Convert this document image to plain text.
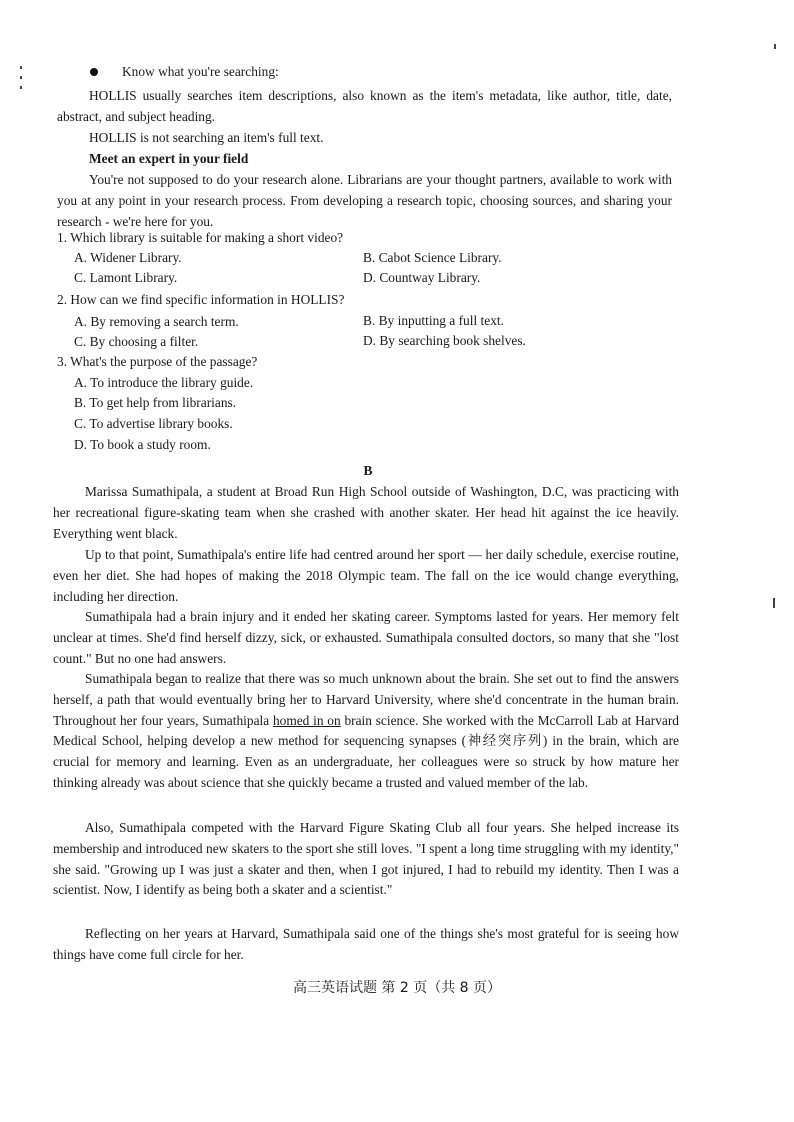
Know what you're searching:

HOLLIS usually searches item descriptions, also known as the item's metadata, like author, title, date, abstract, and subject heading.

HOLLIS is not searching an item's full text.

Meet an expert in your field

You're not supposed to do your research alone. Librarians are your thought partners, available to work with you at any point in your research process. From developing a research topic, choosing sources, and sharing your research - we're here for you.

1. Which library is suitable for making a short video?

A. Widener Library.	B. Cabot Science Library.
C. Lamont Library.	D. Countway Library.

2. How can we find specific information in HOLLIS?

A. By removing a search term.	B. By inputting a full text.
C. By choosing a filter.	D. By searching book shelves.

3. What's the purpose of the passage?

A. To introduce the library guide.
B. To get help from librarians.
C. To advertise library books.
D. To book a study room.

B

Marissa Sumathipala, a student at Broad Run High School outside of Washington, D.C, was practicing with her recreational figure-skating team when she crashed with another skater. Her head hit against the ice heavily. Everything went black.

Up to that point, Sumathipala's entire life had centred around her sport — her daily schedule, exercise routine, even her diet. She had hopes of making the 2018 Olympic team. The fall on the ice would change everything, including her direction.

Sumathipala had a brain injury and it ended her skating career. Symptoms lasted for years. Her memory felt unclear at times. She'd find herself dizzy, sick, or exhausted. Sumathipala consulted doctors, so many that she "lost count." But no one had answers.

Sumathipala began to realize that there was so much unknown about the brain. She set out to find the answers herself, a path that would eventually bring her to Harvard University, where she'd concentrate in the human brain. Throughout her four years, Sumathipala homed in on brain science. She worked with the McCarroll Lab at Harvard Medical School, helping develop a new method for sequencing synapses (神经突序列) in the brain, which are crucial for memory and learning. Even as an undergraduate, her colleagues were so struck by how mature her thinking already was about science that she quickly became a trusted and valued member of the lab.

Also, Sumathipala competed with the Harvard Figure Skating Club all four years. She helped increase its membership and introduced new skaters to the sport she still loves. "I spent a long time struggling with my identity," she said. "Growing up I was just a skater and then, when I got injured, I had to rebuild my identity. Then I was a scientist. Now, I identify as being both a skater and a scientist."

Reflecting on her years at Harvard, Sumathipala said one of the things she's most grateful for is seeing how things have come full circle for her.

高三英语试题 第 2 页（共 8 页）
